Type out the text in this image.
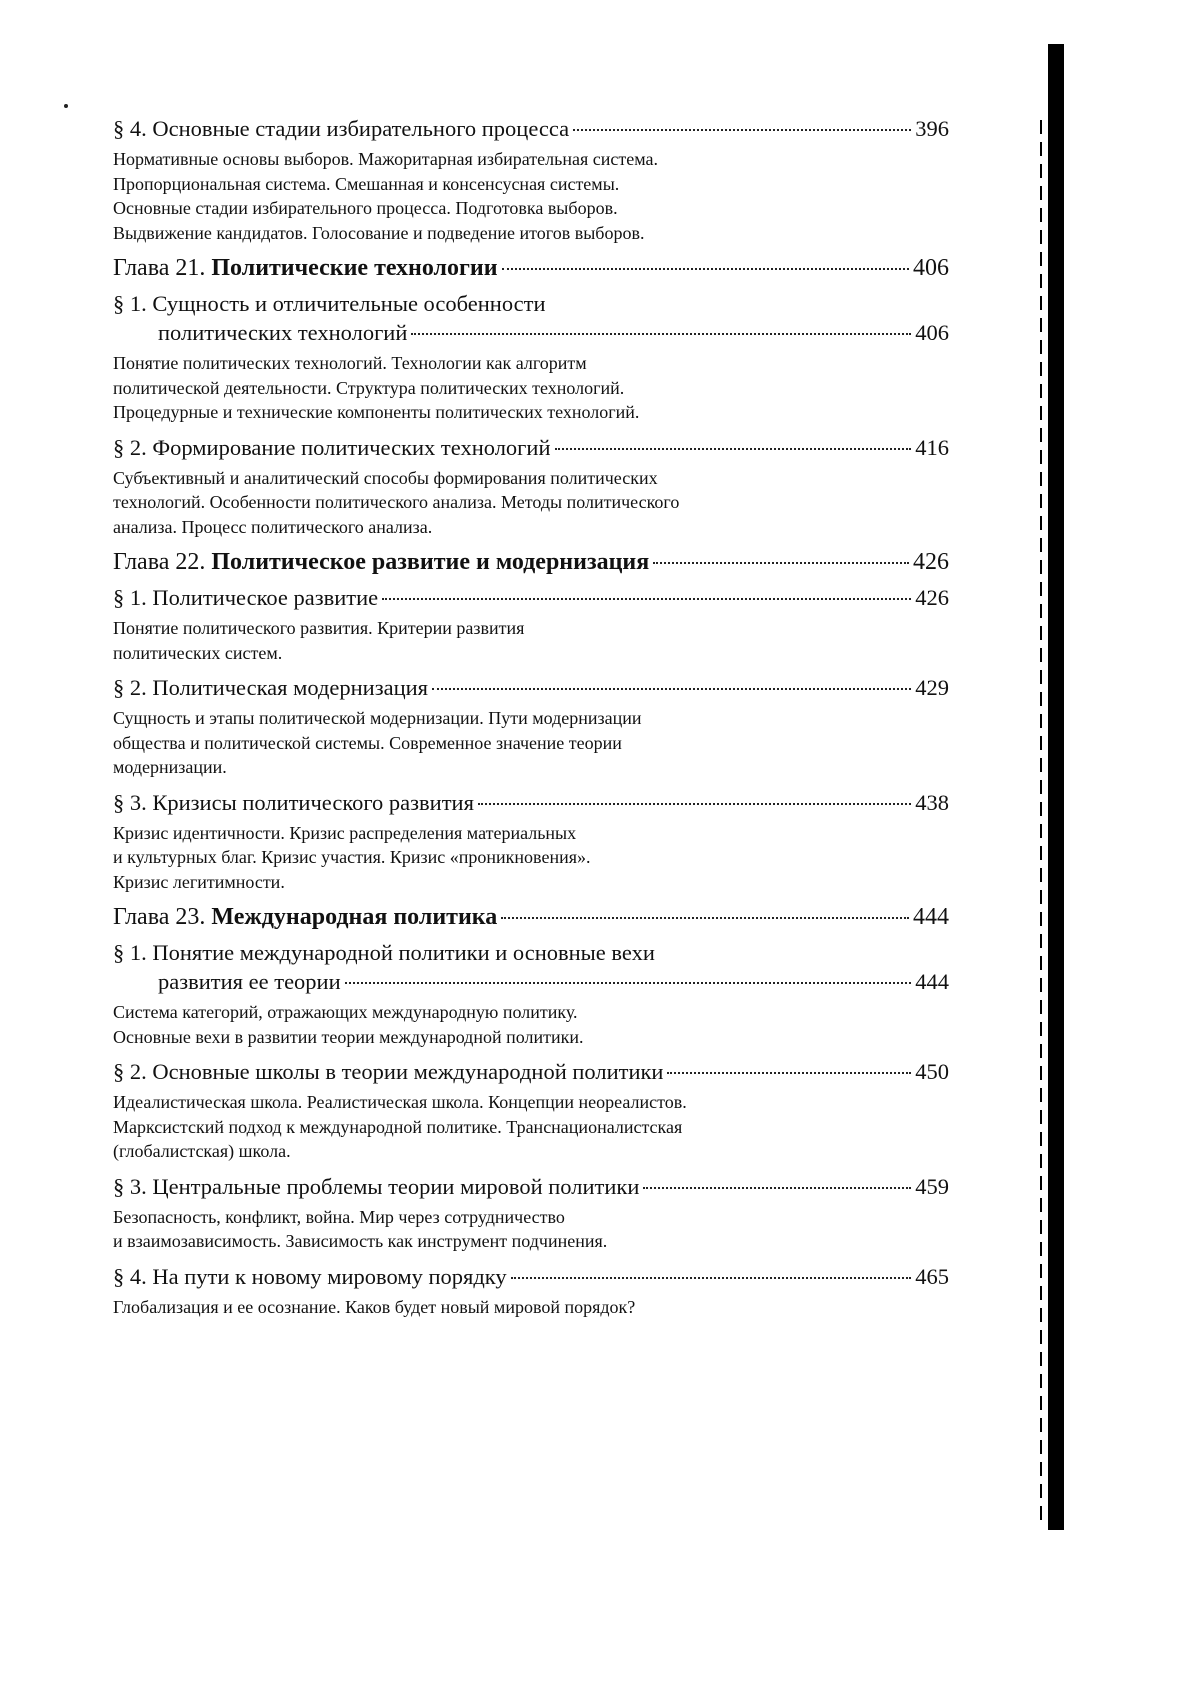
§ 4. Основные стадии избирательного процесса	396
Нормативные основы выборов. Мажоритарная избирательная система.
Пропорциональная система. Смешанная и консенсусная системы.
Основные стадии избирательного процесса. Подготовка выборов.
Выдвижение кандидатов. Голосование и подведение итогов выборов.
Глава 21. Политические технологии	406
§ 1. Сущность и отличительные особенности
политических технологий	406
Понятие политических технологий. Технологии как алгоритм
политической деятельности. Структура политических технологий.
Процедурные и технические компоненты политических технологий.
§ 2. Формирование политических технологий	416
Субъективный и аналитический способы формирования политических
технологий. Особенности политического анализа. Методы политического
анализа. Процесс политического анализа.
Глава 22. Политическое развитие и модернизация	426
§ 1. Политическое развитие	426
Понятие политического развития. Критерии развития
политических систем.
§ 2. Политическая модернизация	429
Сущность и этапы политической модернизации. Пути модернизации
общества и политической системы. Современное значение теории
модернизации.
§ 3. Кризисы политического развития	438
Кризис идентичности. Кризис распределения материальных
и культурных благ. Кризис участия. Кризис «проникновения».
Кризис легитимности.
Глава 23. Международная политика	444
§ 1. Понятие международной политики и основные вехи
развития ее теории	444
Система категорий, отражающих международную политику.
Основные вехи в развитии теории международной политики.
§ 2. Основные школы в теории международной политики	450
Идеалистическая школа. Реалистическая школа. Концепции неореалистов.
Марксистский подход к международной политике. Транснационалистская
(глобалистская) школа.
§ 3. Центральные проблемы теории мировой политики	459
Безопасность, конфликт, война. Мир через сотрудничество
и взаимозависимость. Зависимость как инструмент подчинения.
§ 4. На пути к новому мировому порядку	465
Глобализация и ее осознание. Каков будет новый мировой порядок?
